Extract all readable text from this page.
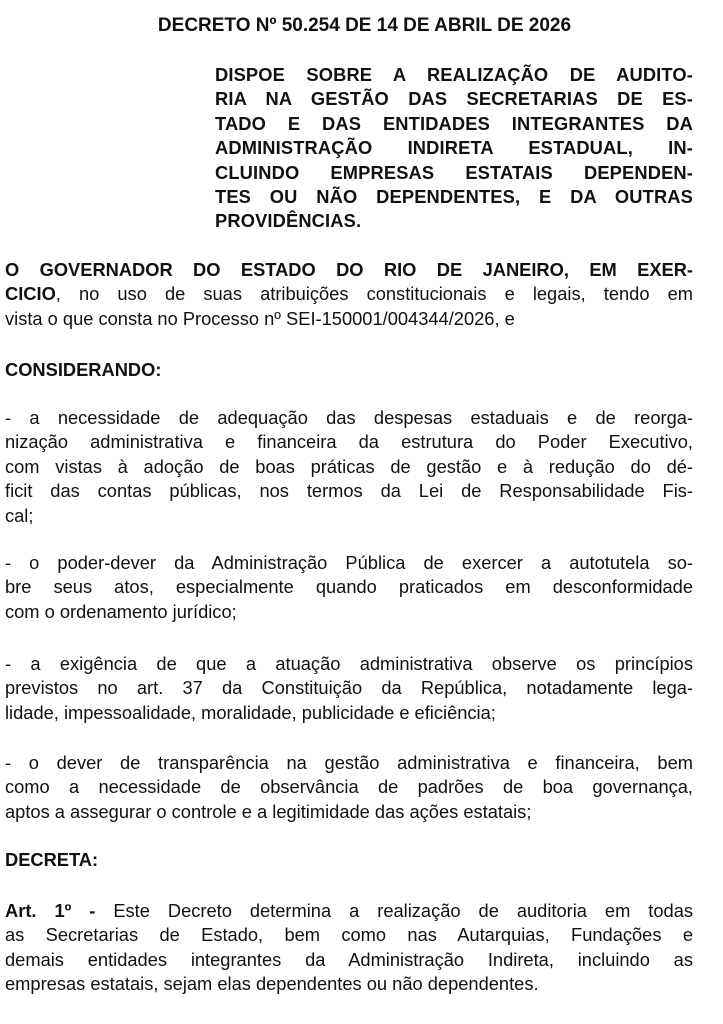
DECRETO Nº 50.254 DE 14 DE ABRIL DE 2026
DISPOE SOBRE A REALIZAÇÃO DE AUDITO-
RIA NA GESTÃO DAS SECRETARIAS DE ES-
TADO E DAS ENTIDADES INTEGRANTES DA
ADMINISTRAÇÃO INDIRETA ESTADUAL, IN-
CLUINDO EMPRESAS ESTATAIS DEPENDEN-
TES OU NÃO DEPENDENTES, E DA OUTRAS
PROVIDÊNCIAS.
O GOVERNADOR DO ESTADO DO RIO DE JANEIRO, EM EXER-
CICIO, no uso de suas atribuições constitucionais e legais, tendo em
vista o que consta no Processo nº SEI-150001/004344/2026, e
CONSIDERANDO:
- a necessidade de adequação das despesas estaduais e de reorga-
nização administrativa e financeira da estrutura do Poder Executivo,
com vistas à adoção de boas práticas de gestão e à redução do dé-
ficit das contas públicas, nos termos da Lei de Responsabilidade Fis-
cal;
- o poder-dever da Administração Pública de exercer a autotutela so-
bre seus atos, especialmente quando praticados em desconformidade
com o ordenamento jurídico;
- a exigência de que a atuação administrativa observe os princípios
previstos no art. 37 da Constituição da República, notadamente lega-
lidade, impessoalidade, moralidade, publicidade e eficiência;
- o dever de transparência na gestão administrativa e financeira, bem
como a necessidade de observância de padrões de boa governança,
aptos a assegurar o controle e a legitimidade das ações estatais;
DECRETA:
Art. 1º - Este Decreto determina a realização de auditoria em todas
as Secretarias de Estado, bem como nas Autarquias, Fundações e
demais entidades integrantes da Administração Indireta, incluindo as
empresas estatais, sejam elas dependentes ou não dependentes.
